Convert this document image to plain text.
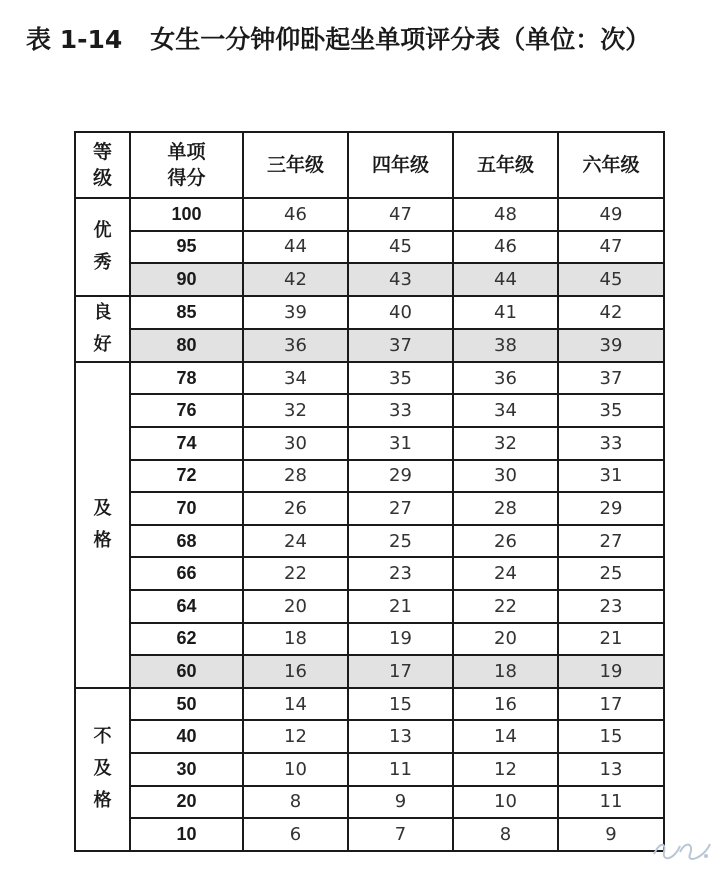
表 1-14 女生一分钟仰卧起坐单项评分表（单位：次）
等级	单项得分	三年级	四年级	五年级	六年级
优秀	100	46	47	48	49
	95	44	45	46	47
	90	42	43	44	45
良好	85	39	40	41	42
	80	36	37	38	39
及格	78	34	35	36	37
	76	32	33	34	35
	74	30	31	32	33
	72	28	29	30	31
	70	26	27	28	29
	68	24	25	26	27
	66	22	23	24	25
	64	20	21	22	23
	62	18	19	20	21
	60	16	17	18	19
不及格	50	14	15	16	17
	40	12	13	14	15
	30	10	11	12	13
	20	8	9	10	11
	10	6	7	8	9
